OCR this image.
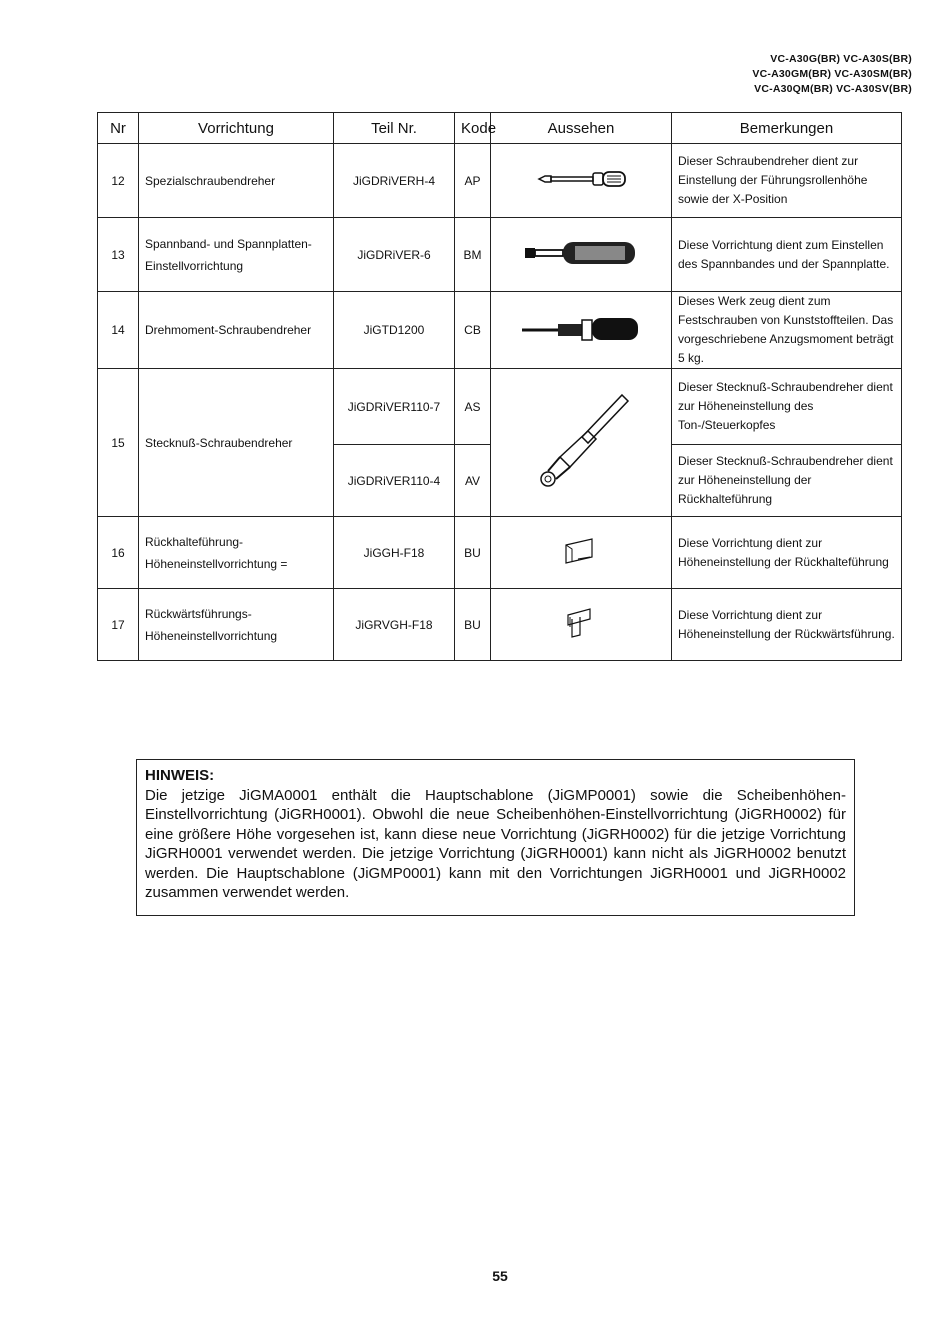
VC-A30G(BR) VC-A30S(BR)
VC-A30GM(BR) VC-A30SM(BR)
VC-A30QM(BR) VC-A30SV(BR)
Nr	Vorrichtung	Teil Nr.	Kode	Aussehen	Bemerkungen
12	Spezialschraubendreher	JiGDRiVERH-4	AP		Dieser Schraubendreher dient zur Einstellung der Führungsrollenhöhe sowie der X-Position
13	Spannband- und Spannplatten-Einstellvorrichtung	JiGDRiVER-6	BM		Diese Vorrichtung dient zum Einstellen des Spannbandes und der Spannplatte.
14	Drehmoment-Schraubendreher	JiGTD1200	CB		Dieses Werk zeug dient zum Festschrauben von Kunststoffteilen. Das vorgeschriebene Anzugsmoment beträgt 5 kg.
15	Stecknuß-Schraubendreher	JiGDRiVER110-7	AS		Dieser Stecknuß-Schraubendreher dient zur Höheneinstellung des Ton-/Steuerkopfes
		JiGDRiVER110-4	AV		Dieser Stecknuß-Schraubendreher dient zur Höheneinstellung der Rückhalteführung
16	Rückhalteführung-Höheneinstellvorrichtung =	JiGGH-F18	BU		Diese Vorrichtung dient zur Höheneinstellung der Rückhalteführung
17	Rückwärtsführungs-Höheneinstellvorrichtung	JiGRVGH-F18	BU		Diese Vorrichtung dient zur Höheneinstellung der Rückwärtsführung.
HINWEIS:
Die jetzige JiGMA0001 enthält die Hauptschablone (JiGMP0001) sowie die Scheibenhöhen-Einstellvorrichtung (JiGRH0001). Obwohl die neue Scheibenhöhen-Einstellvorrichtung (JiGRH0002) für eine größere Höhe vorgesehen ist, kann diese neue Vorrichtung (JiGRH0002) für die jetzige Vorrichtung JiGRH0001 verwendet werden. Die jetzige Vorrichtung (JiGRH0001) kann nicht als JiGRH0002 benutzt werden. Die Hauptschablone (JiGMP0001) kann mit den Vorrichtungen JiGRH0001 und JiGRH0002 zusammen verwendet werden.
55
